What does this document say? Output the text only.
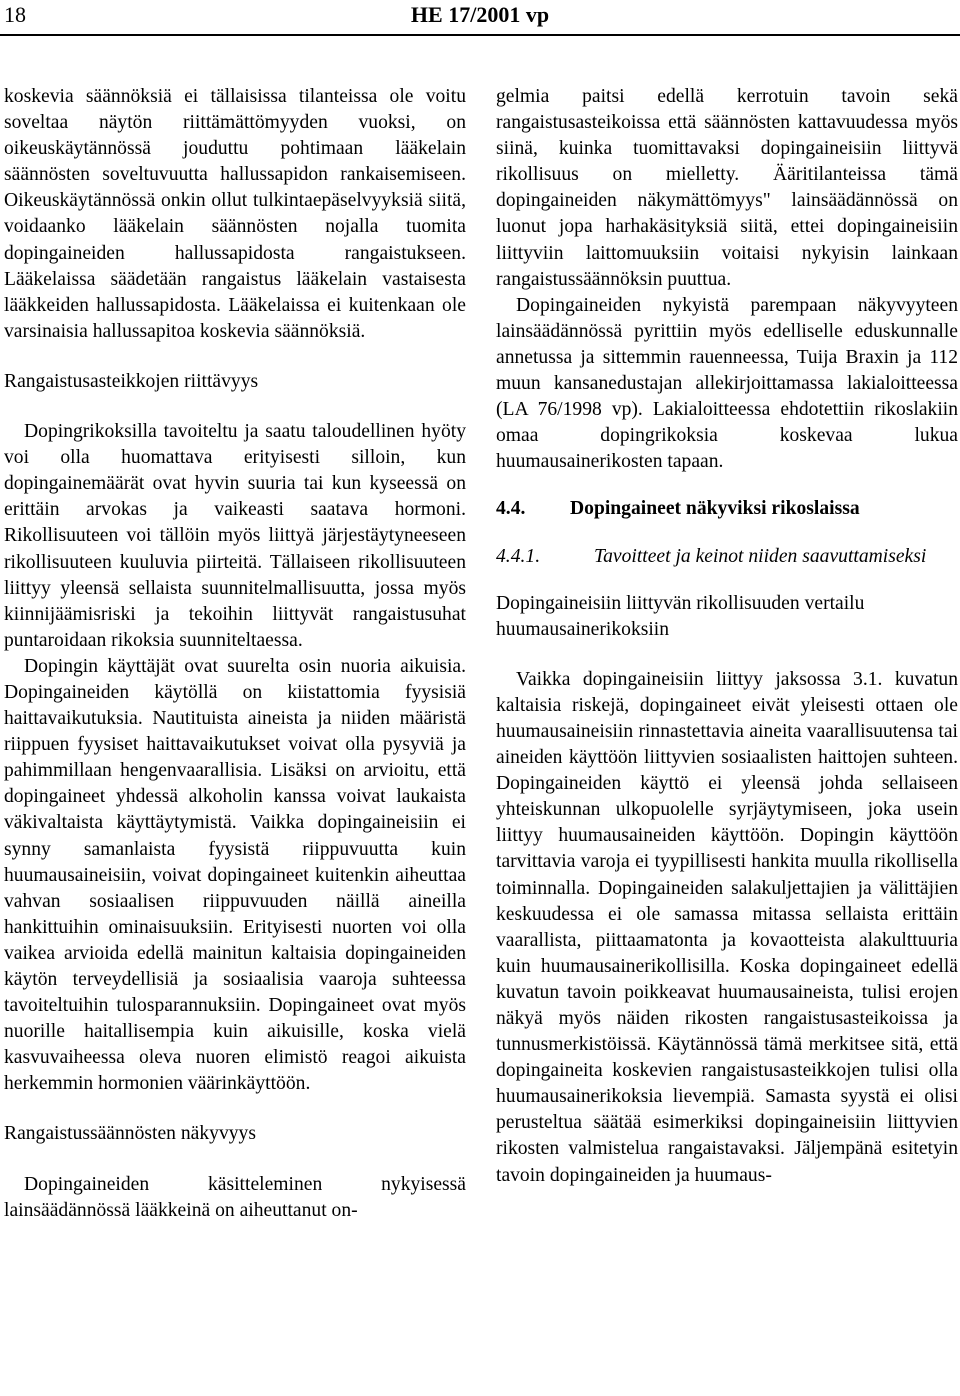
18	HE 17/2001 vp

koskevia säännöksiä ei tällaisissa tilanteissa ole voitu soveltaa näytön riittämättömyyden vuoksi, on oikeuskäytännössä jouduttu pohtimaan lääkelain säännösten soveltuvuutta hallussapidon rankaisemiseen. Oikeuskäytännössä onkin ollut tulkintaepäselvyyksiä siitä, voidaanko lääkelain säännösten nojalla tuomita dopingaineiden hallussapidosta rangaistukseen. Lääkelaissa säädetään rangaistus lääkelain vastaisesta lääkkeiden hallussapidosta. Lääkelaissa ei kuitenkaan ole varsinaisia hallussapitoa koskevia säännöksiä.

Rangaistusasteikkojen riittävyys

Dopingrikoksilla tavoiteltu ja saatu taloudellinen hyöty voi olla huomattava erityisesti silloin, kun dopingainemäärät ovat hyvin suuria tai kun kyseessä on erittäin arvokas ja vaikeasti saatava hormoni. Rikollisuuteen voi tällöin myös liittyä järjestäytyneeseen rikollisuuteen kuuluvia piirteitä. Tällaiseen rikollisuuteen liittyy yleensä sellaista suunnitelmallisuutta, jossa myös kiinnijäämisriski ja tekoihin liittyvät rangaistusuhat puntaroidaan rikoksia suunniteltaessa.

Dopingin käyttäjät ovat suurelta osin nuoria aikuisia. Dopingaineiden käytöllä on kiistattomia fyysisiä haittavaikutuksia. Nautituista aineista ja niiden määristä riippuen fyysiset haittavaikutukset voivat olla pysyviä ja pahimmillaan hengenvaarallisia. Lisäksi on arvioitu, että dopingaineet yhdessä alkoholin kanssa voivat laukaista väkivaltaista käyttäytymistä. Vaikka dopingaineisiin ei synny samanlaista fyysistä riippuvuutta kuin huumausaineisiin, voivat dopingaineet kuitenkin aiheuttaa vahvan sosiaalisen riippuvuuden näillä aineilla hankittuihin ominaisuuksiin. Erityisesti nuorten voi olla vaikea arvioida edellä mainitun kaltaisia dopingaineiden käytön terveydellisiä ja sosiaalisia vaaroja suhteessa tavoiteltuihin tulosparannuksiin. Dopingaineet ovat myös nuorille haitallisempia kuin aikuisille, koska vielä kasvuvaiheessa oleva nuoren elimistö reagoi aikuista herkemmin hormonien väärinkäyttöön.

Rangaistussäännösten näkyvyys

Dopingaineiden käsitteleminen nykyisessä lainsäädännössä lääkkeinä on aiheuttanut on-

gelmia paitsi edellä kerrotuin tavoin sekä rangaistusasteikoissa että säännösten kattavuudessa myös siinä, kuinka tuomittavaksi dopingaineisiin liittyvä rikollisuus on mielletty. Ääritilanteissa tämä dopingaineiden näkymättömyys" lainsäädännössä on luonut jopa harhakäsityksiä siitä, ettei dopingaineisiin liittyviin laittomuuksiin voitaisi nykyisin lainkaan rangaistussäännöksin puuttua.

Dopingaineiden nykyistä parempaan näkyvyyteen lainsäädännössä pyrittiin myös edelliselle eduskunnalle annetussa ja sittemmin rauenneessa, Tuija Braxin ja 112 muun kansanedustajan allekirjoittamassa lakialoitteessa (LA 76/1998 vp). Lakialoitteessa ehdotettiin rikoslakiin omaa dopingrikoksia koskevaa lukua huumausainerikosten tapaan.

4.4.	Dopingaineet näkyviksi rikoslaissa
4.4.1.	Tavoitteet ja keinot niiden saavuttamiseksi

Dopingaineisiin liittyvän rikollisuuden vertailu huumausainerikoksiin

Vaikka dopingaineisiin liittyy jaksossa 3.1. kuvatun kaltaisia riskejä, dopingaineet eivät yleisesti ottaen ole huumausaineisiin rinnastettavia aineita vaarallisuutensa tai aineiden käyttöön liittyvien sosiaalisten haittojen suhteen. Dopingaineiden käyttö ei yleensä johda sellaiseen yhteiskunnan ulkopuolelle syrjäytymiseen, joka usein liittyy huumausaineiden käyttöön. Dopingin käyttöön tarvittavia varoja ei tyypillisesti hankita muulla rikollisella toiminnalla. Dopingaineiden salakuljettajien ja välittäjien keskuudessa ei ole samassa mitassa sellaista erittäin vaarallista, piittaamatonta ja kovaotteista alakulttuuria kuin huumausainerikollisilla. Koska dopingaineet edellä kuvatun tavoin poikkeavat huumausaineista, tulisi erojen näkyä myös näiden rikosten rangaistusasteikoissa ja tunnusmerkistöissä. Käytännössä tämä merkitsee sitä, että dopingaineita koskevien rangaistusasteikkojen tulisi olla huumausainerikoksia lievempiä. Samasta syystä ei olisi perusteltua säätää esimerkiksi dopingaineisiin liittyvien rikosten valmistelua rangaistavaksi. Jäljempänä esitetyin tavoin dopingaineiden ja huumaus-
